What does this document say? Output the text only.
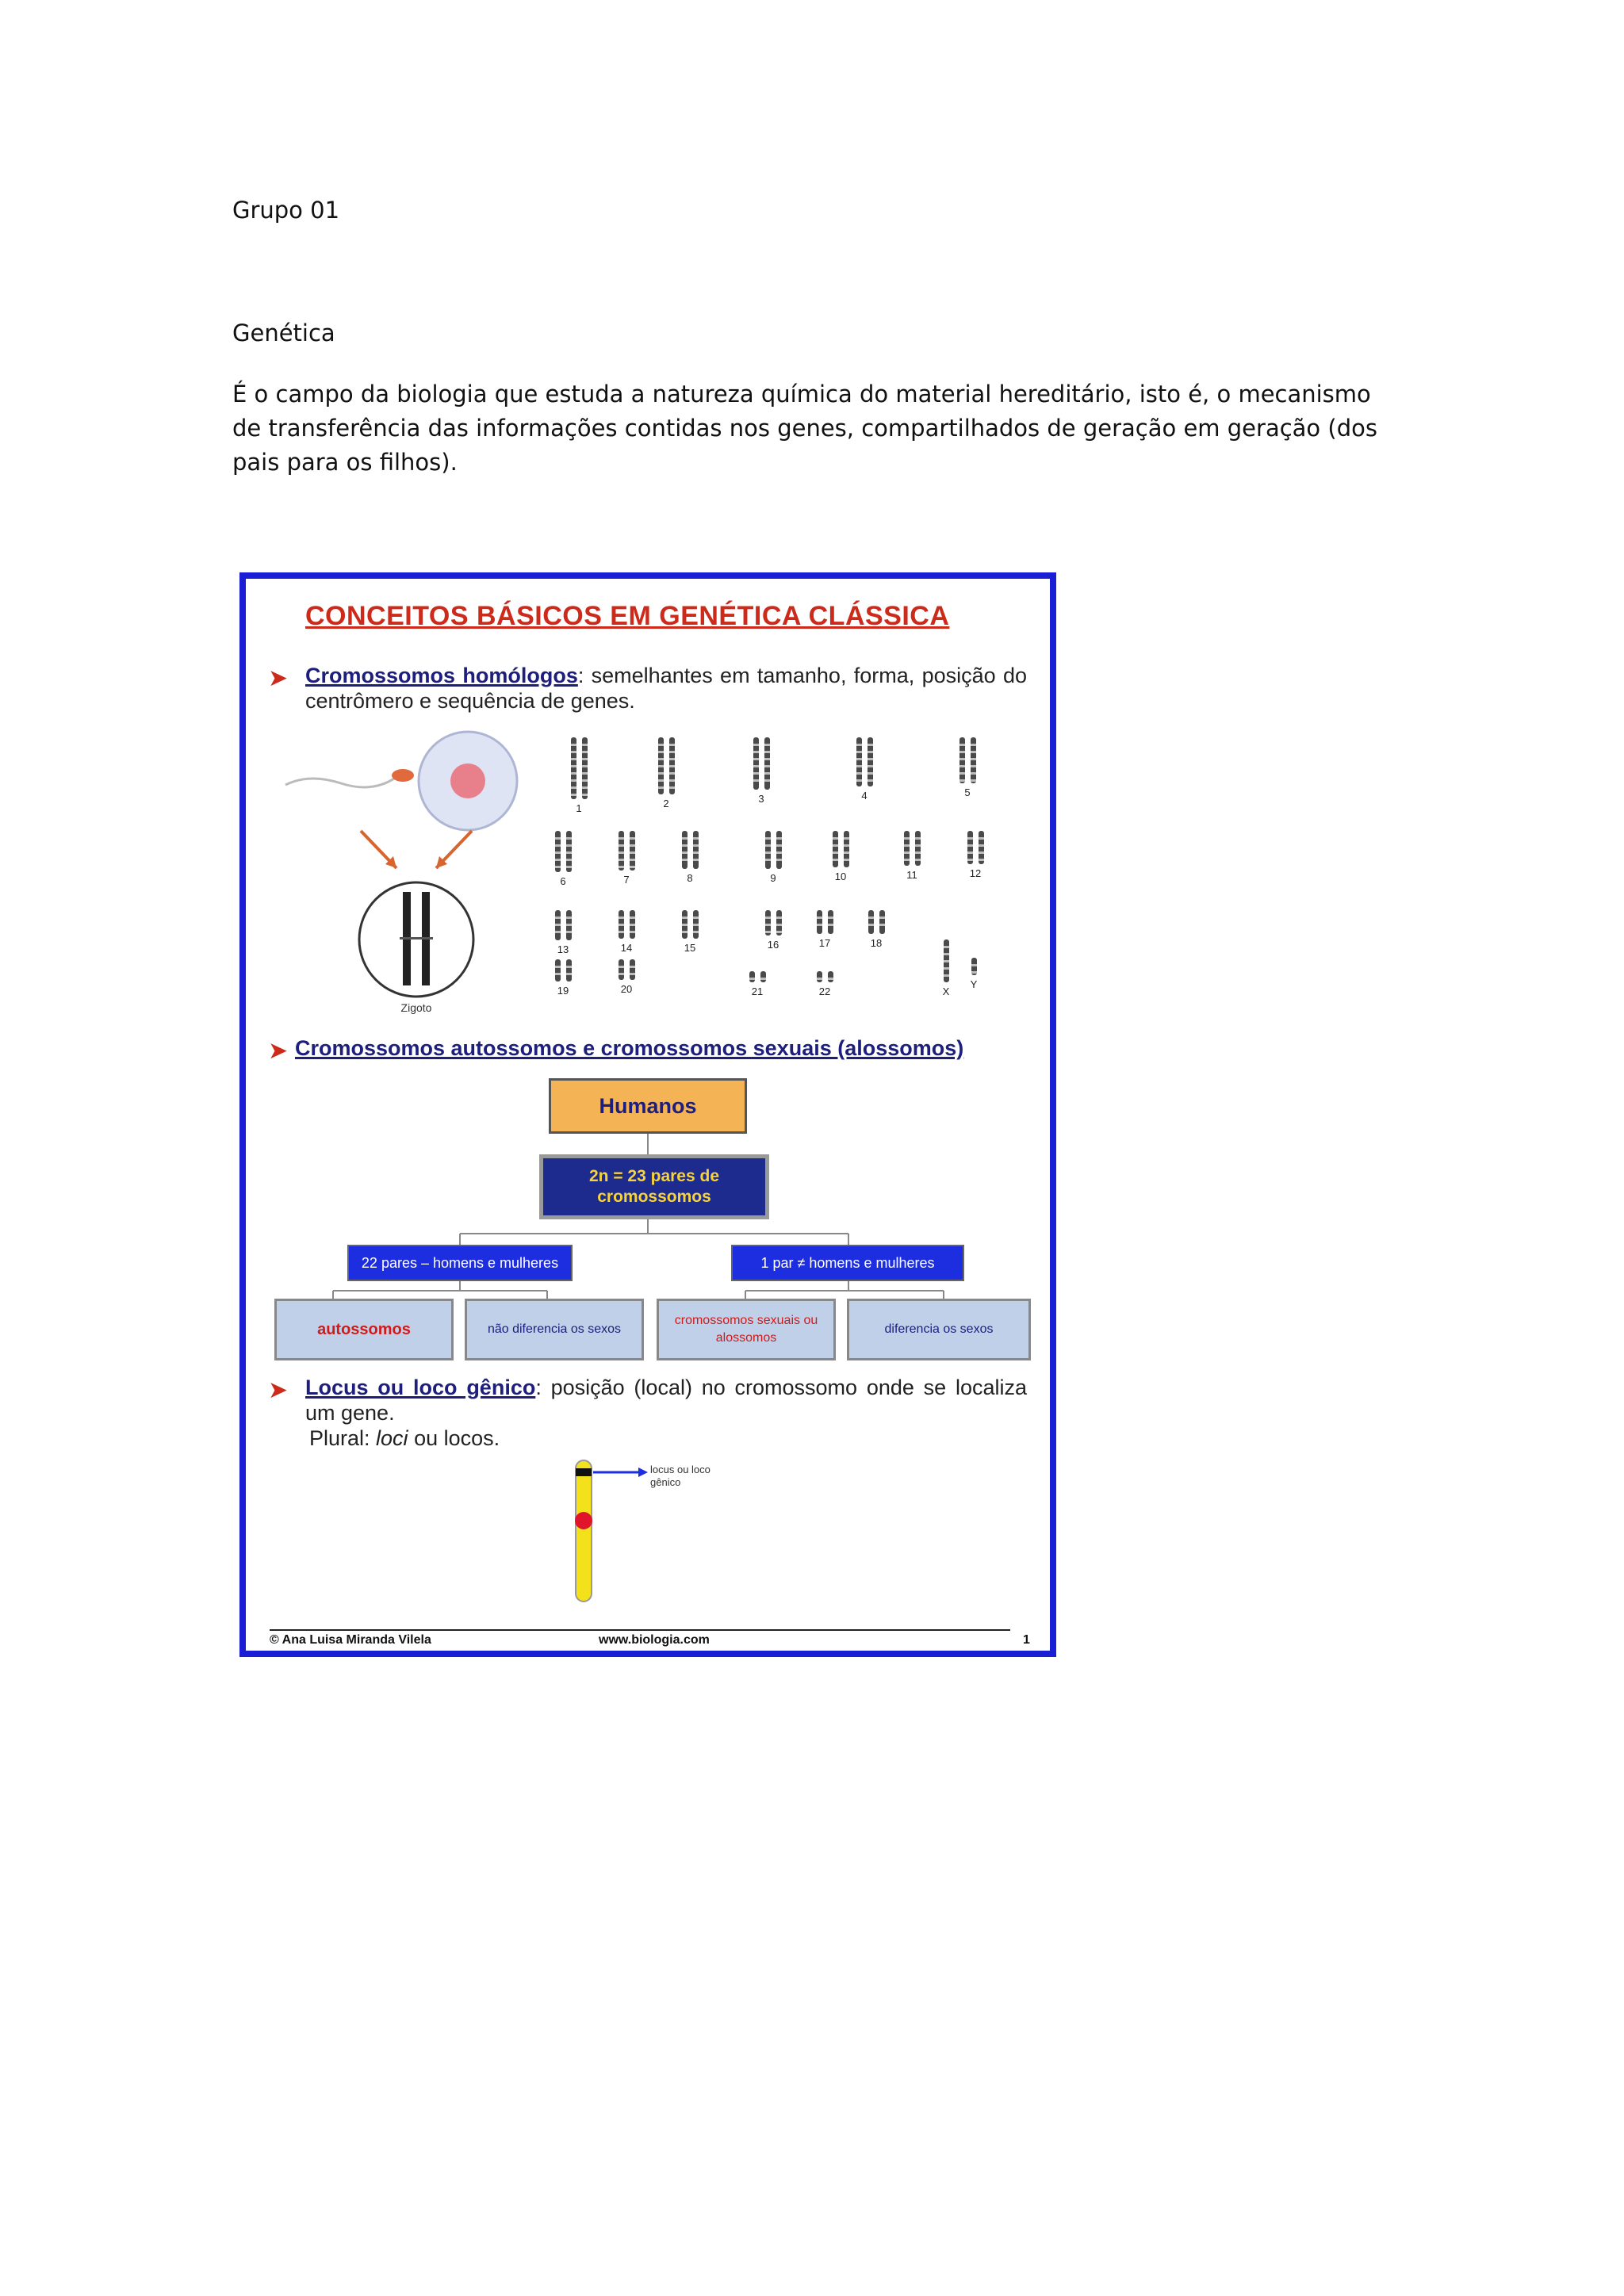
Grupo 01
Genética
É o campo da biologia que estuda a natureza química do material hereditário, isto é, o mecanismo de transferência das informações contidas nos genes, compartilhados de geração em geração (dos pais para os filhos).
CONCEITOS BÁSICOS EM GENÉTICA CLÁSSICA
➤ Cromossomos homólogos: semelhantes em tamanho, forma, posição do centrômero e sequência de genes.
Zigoto
1	2	3	4	5
6	7	8	9	10	11	12
13	14	15	16	17	18
19	20	21	22	X
Y
➤ Cromossomos autossomos e cromossomos sexuais (alossomos)
Humanos
2n = 23 pares de cromossomos
22 pares – homens e mulheres	1 par ≠ homens e mulheres
autossomos	não diferencia os sexos
cromossomos sexuais ou alossomos
diferencia os sexos
➤ Locus ou loco gênico: posição (local) no cromossomo onde se localiza um gene.
Plural: loci ou locos.
locus ou loco gênico
© Ana Luisa Miranda Vilela	www.biologia.com	1
